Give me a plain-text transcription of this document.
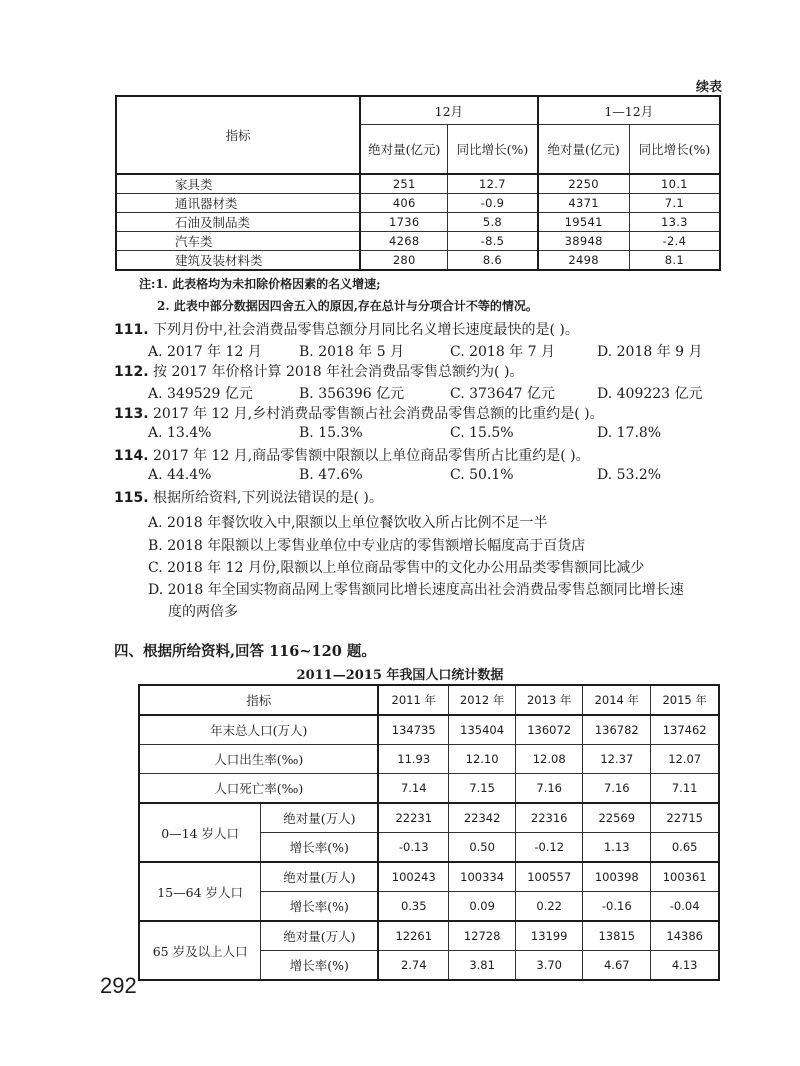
续表
指标	12月		1—12月	
	绝对量(亿元)	同比增长(%)	绝对量(亿元)	同比增长(%)
家具类	251	12.7	2250	10.1
通讯器材类	406	-0.9	4371	7.1
石油及制品类	1736	5.8	19541	13.3
汽车类	4268	-8.5	38948	-2.4
建筑及装材料类	280	8.6	2498	8.1
注:1. 此表格均为未扣除价格因素的名义增速;
2. 此表中部分数据因四舍五入的原因,存在总计与分项合计不等的情况。
111. 下列月份中,社会消费品零售总额分月同比名义增长速度最快的是( )。
A. 2017 年 12 月	B. 2018 年 5 月	C. 2018 年 7 月	D. 2018 年 9 月
112. 按 2017 年价格计算 2018 年社会消费品零售总额约为( )。
A. 349529 亿元	B. 356396 亿元	C. 373647 亿元	D. 409223 亿元
113. 2017 年 12 月,乡村消费品零售额占社会消费品零售总额的比重约是( )。
A. 13.4%	B. 15.3%	C. 15.5%	D. 17.8%
114. 2017 年 12 月,商品零售额中限额以上单位商品零售所占比重约是( )。
A. 44.4%	B. 47.6%	C. 50.1%	D. 53.2%
115. 根据所给资料,下列说法错误的是( )。
A. 2018 年餐饮收入中,限额以上单位餐饮收入所占比例不足一半
B. 2018 年限额以上零售业单位中专业店的零售额增长幅度高于百货店
C. 2018 年 12 月份,限额以上单位商品零售中的文化办公用品类零售额同比减少
D. 2018 年全国实物商品网上零售额同比增长速度高出社会消费品零售总额同比增长速
度的两倍多
四、根据所给资料,回答 116~120 题。
2011—2015 年我国人口统计数据
指标		2011 年	2012 年	2013 年	2014 年	2015 年
年末总人口(万人)		134735	135404	136072	136782	137462
人口出生率(‰)		11.93	12.10	12.08	12.37	12.07
人口死亡率(‰)		7.14	7.15	7.16	7.16	7.11
0—14 岁人口	绝对量(万人)	22231	22342	22316	22569	22715
	增长率(%)	-0.13	0.50	-0.12	1.13	0.65
15—64 岁人口	绝对量(万人)	100243	100334	100557	100398	100361
	增长率(%)	0.35	0.09	0.22	-0.16	-0.04
65 岁及以上人口	绝对量(万人)	12261	12728	13199	13815	14386
	增长率(%)	2.74	3.81	3.70	4.67	4.13
292
